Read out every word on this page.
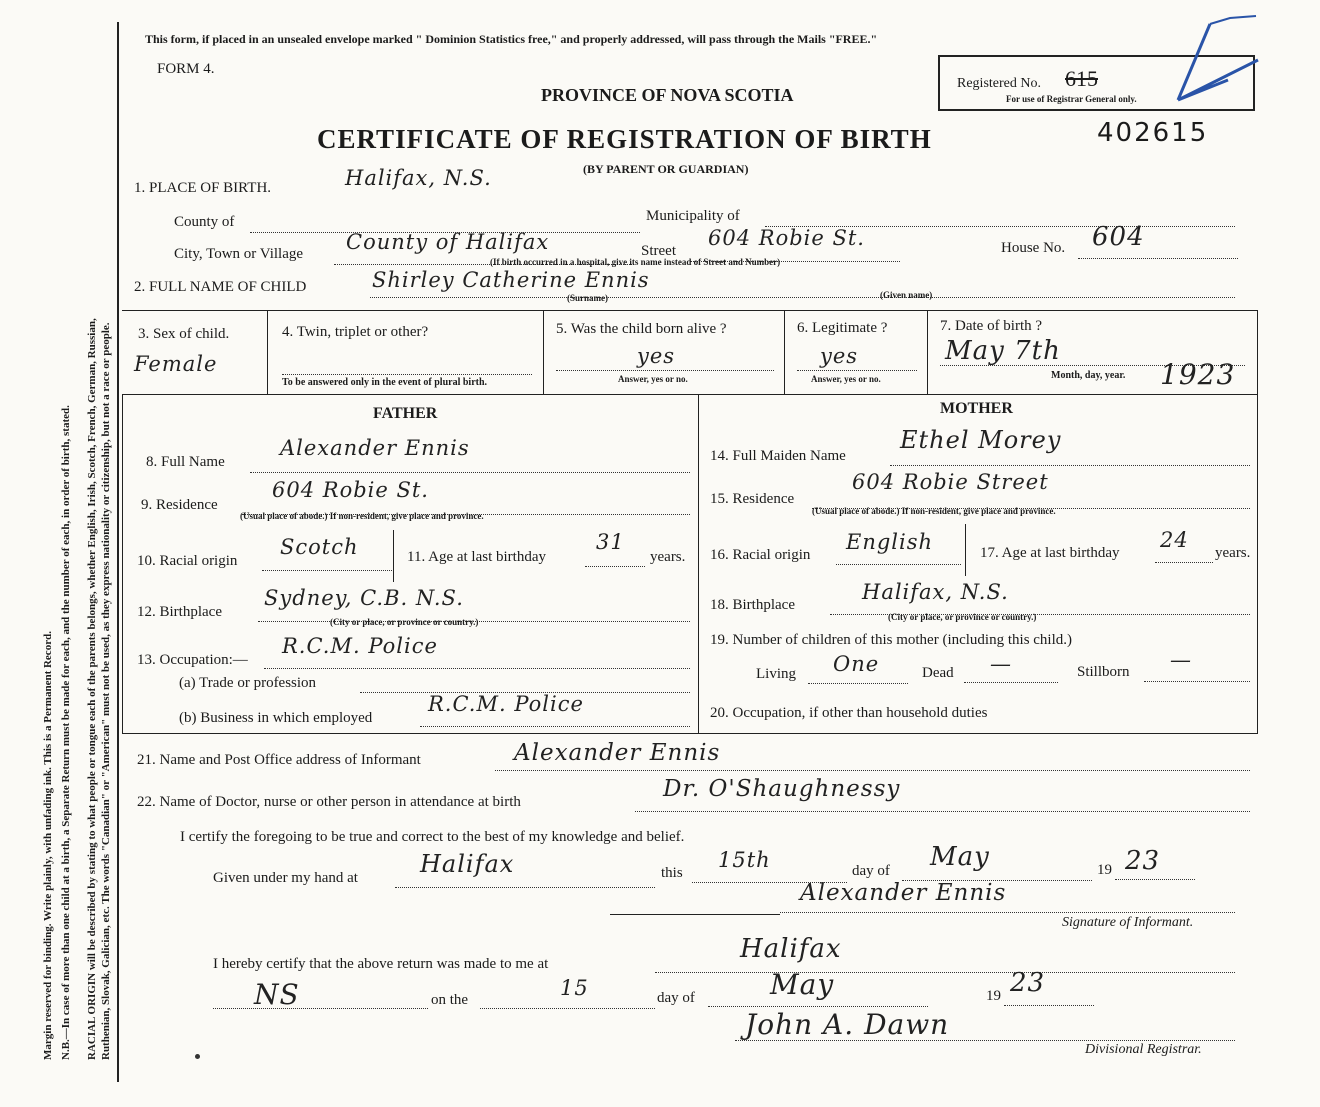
Margin reserved for binding. Write plainly, with unfading ink. This is a Permanent Record. N.B.—In case of more than one child at a birth, a Separate Return must be made for each, and the number of each, in order of birth, stated. RACIAL ORIGIN will be described by stating to what people or tongue each of the parents belongs, whether English, Irish, Scotch, French, German, Russian, Ruthenian, Slovak, Galician, etc. The words "Canadian" or "American" must not be used, as they express nationality or citizenship, but not a race or people.
This form, if placed in an unsealed envelope marked " Dominion Statistics free," and properly addressed, will pass through the Mails "FREE."
FORM 4.
PROVINCE OF NOVA SCOTIA
CERTIFICATE OF REGISTRATION OF BIRTH	402615
(BY PARENT OR GUARDIAN)
Registered No. 615
For use of Registrar General only.
1. PLACE OF BIRTH.	Halifax, N.S.
County of	Municipality of
City, Town or Village County of Halifax	Street
604 Robie St.
(If birth occurred in a hospital, give its name instead of Street and Number)
House No. 604
2. FULL NAME OF CHILD	Shirley Catherine Ennis
(Surname)	(Given name)
3. Sex of child.
Female
4. Twin, triplet or other?
To be answered only in the event of plural birth.
5. Was the child born alive ?
yes
Answer, yes or no.
6. Legitimate ?
yes
Answer, yes or no.
7. Date of birth ?
May 7th
Month, day, year. 1923
FATHER	MOTHER
8. Full Name
Alexander Ennis
9. Residence
604 Robie St.
(Usual place of abode.) If non-resident, give place and province.
10. Racial origin
Scotch	11. Age at last birthday
31
years.
12. Birthplace
Sydney, C.B. N.S.
(City or place, or province or country.)
13. Occupation:—
R.C.M. Police
(a) Trade or profession
(b) Business in which employed
R.C.M. Police
14. Full Maiden Name
Ethel Morey
15. Residence
604 Robie Street
(Usual place of abode.) If non-resident, give place and province.
16. Racial origin
English	17. Age at last birthday
24
years.
18. Birthplace
Halifax, N.S.
(City or place, or province or country.)
19. Number of children of this mother (including this child.)
Living One	Dead —	Stillborn —
20. Occupation, if other than household duties
21. Name and Post Office address of Informant	Alexander Ennis
22. Name of Doctor, nurse or other person in attendance at birth	Dr. O'Shaughnessy
I certify the foregoing to be true and correct to the best of my knowledge and belief.
Given under my hand at	Halifax	this
15th	day of May	19 23
Alexander Ennis
Signature of Informant.
I hereby certify that the above return was made to me at	Halifax
NS	on the	15	day of	May	19 23
John A. Dawn
Divisional Registrar.
